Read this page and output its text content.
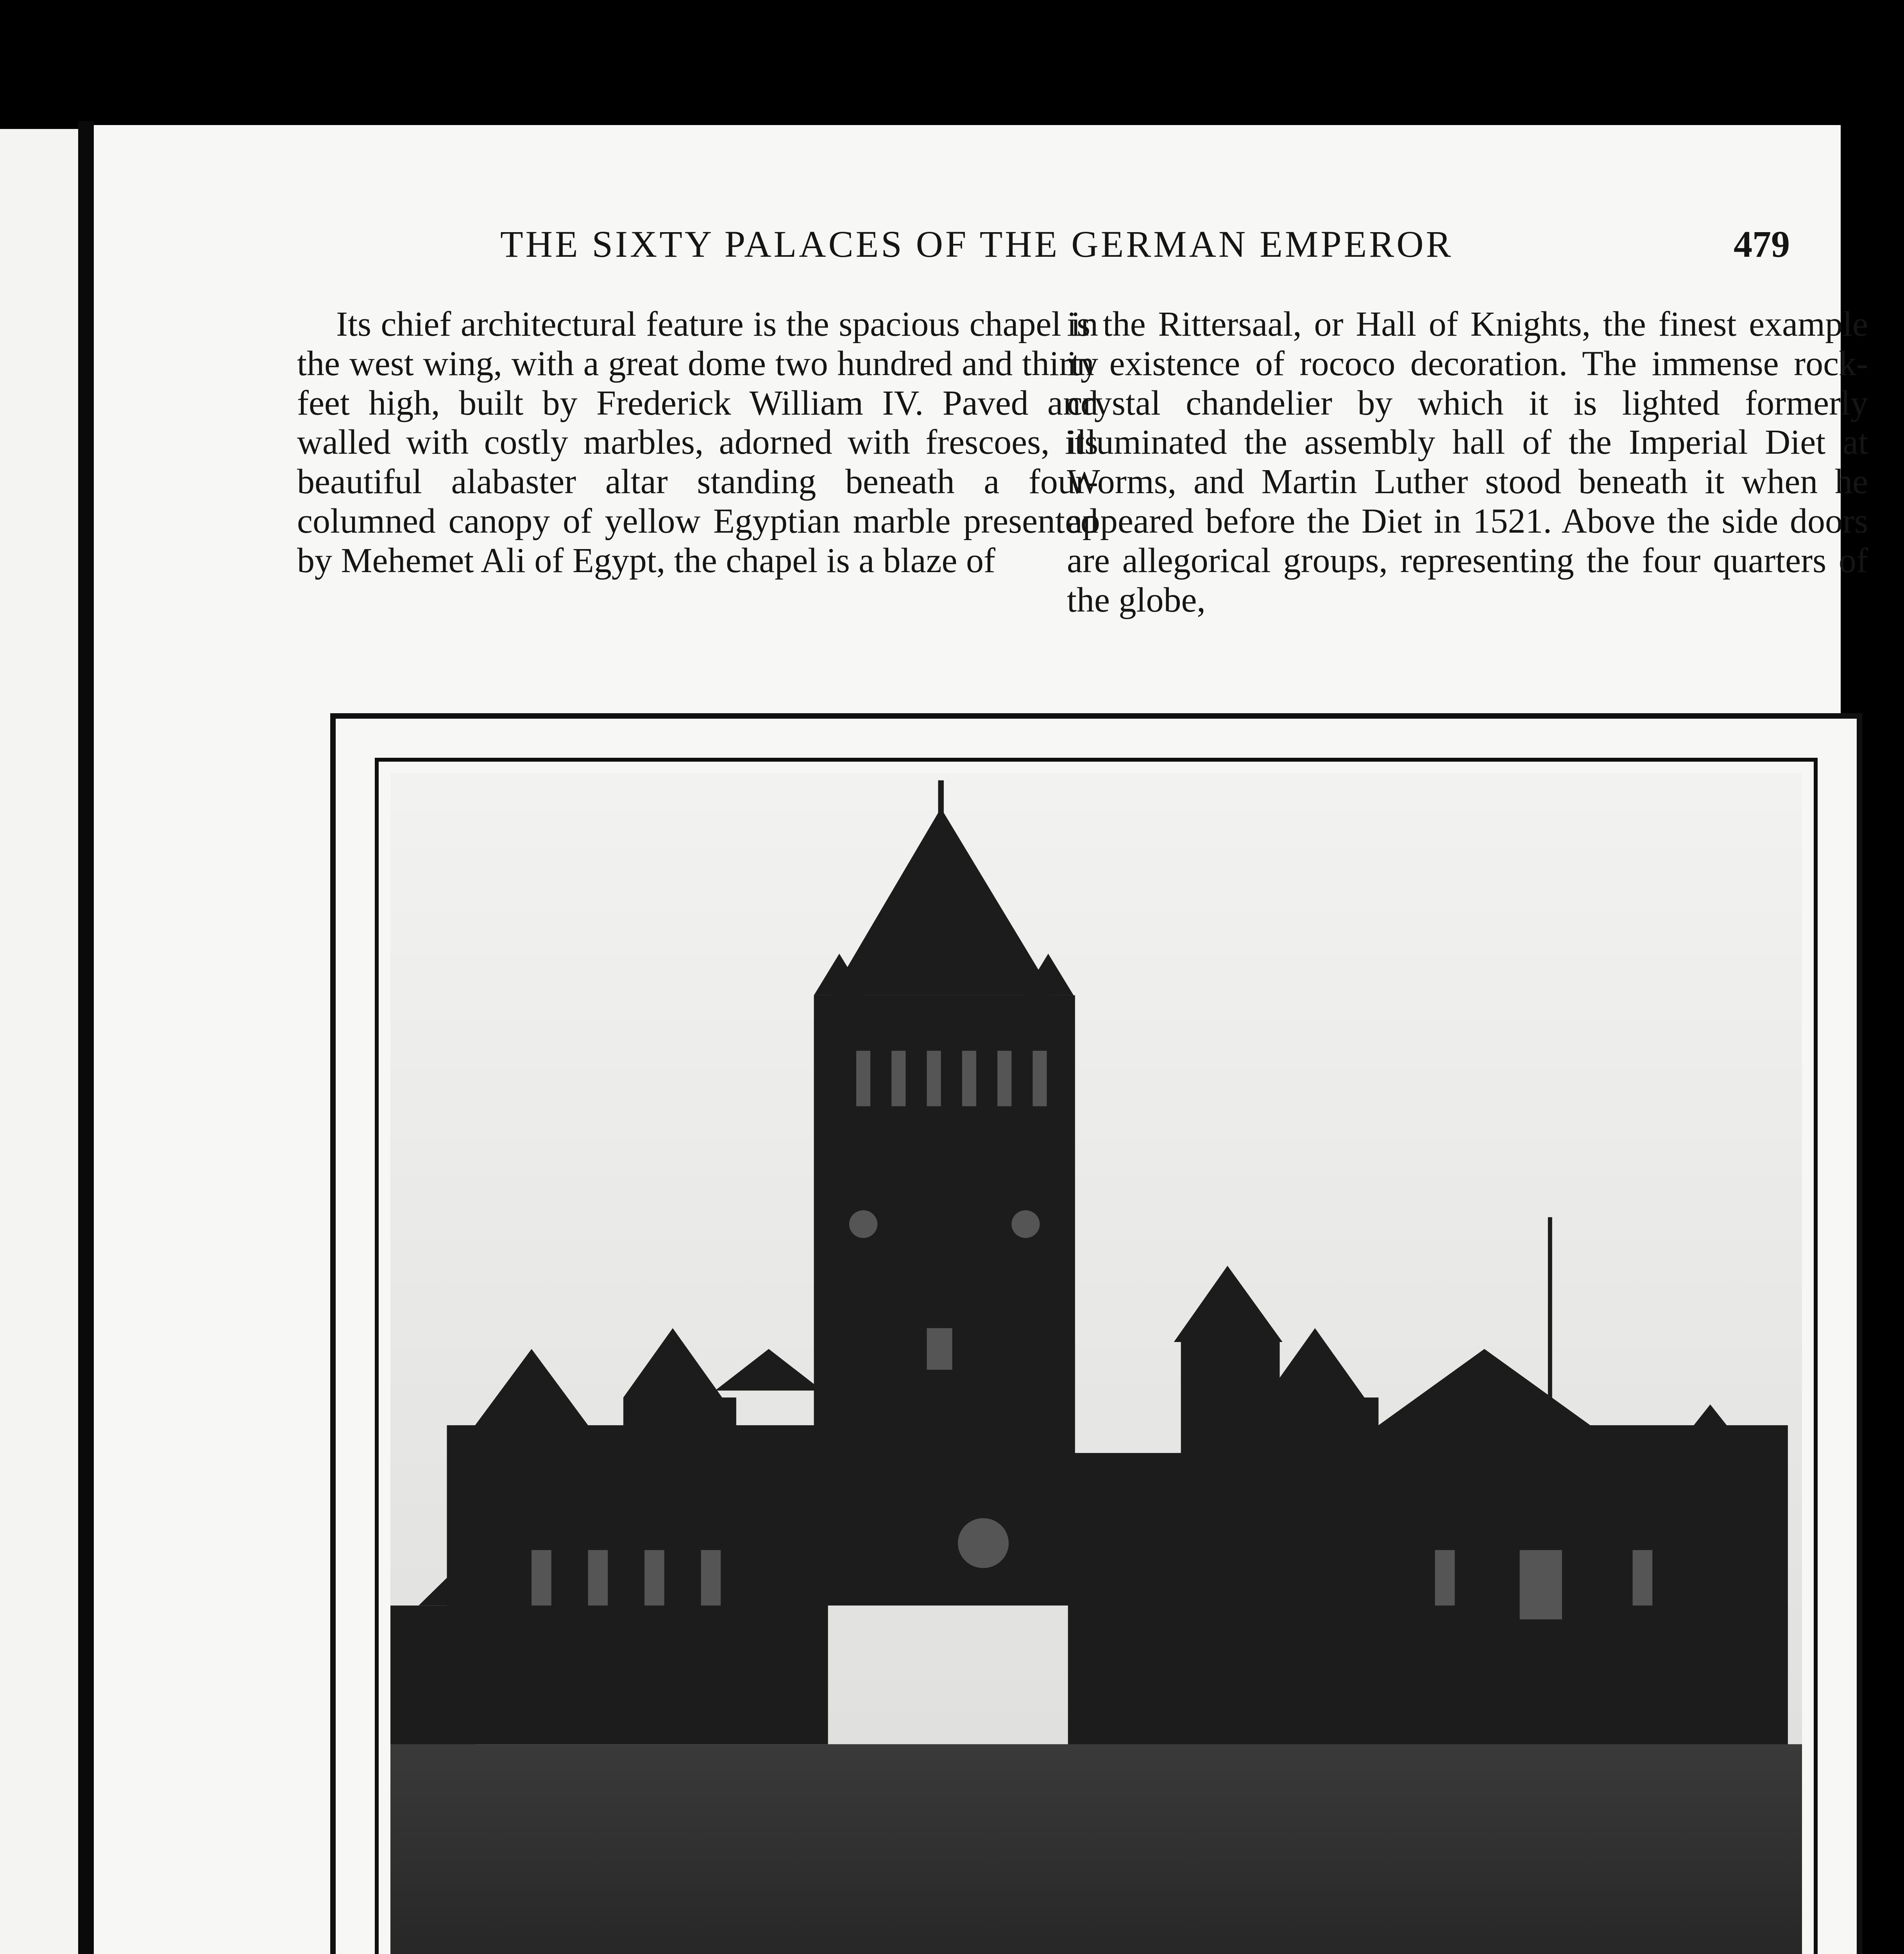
THE SIXTY PALACES OF THE GERMAN EMPEROR	479

Its chief architectural feature is the spacious chapel in the west wing, with a great dome two hundred and thirty feet high, built by Frederick William IV. Paved and walled with costly marbles, adorned with frescoes, its beautiful alabaster altar standing beneath a four-columned canopy of yellow Egyptian marble presented by Mehemet Ali of Egypt, the chapel is a blaze of

is the Rittersaal, or Hall of Knights, the finest example in existence of rococo decoration. The immense rock-crystal chandelier by which it is lighted formerly illuminated the assembly hall of the Imperial Diet at Worms, and Martin Luther stood beneath it when he appeared before the Diet in 1521. Above the side doors are allegorical groups, representing the four quarters of the globe,
